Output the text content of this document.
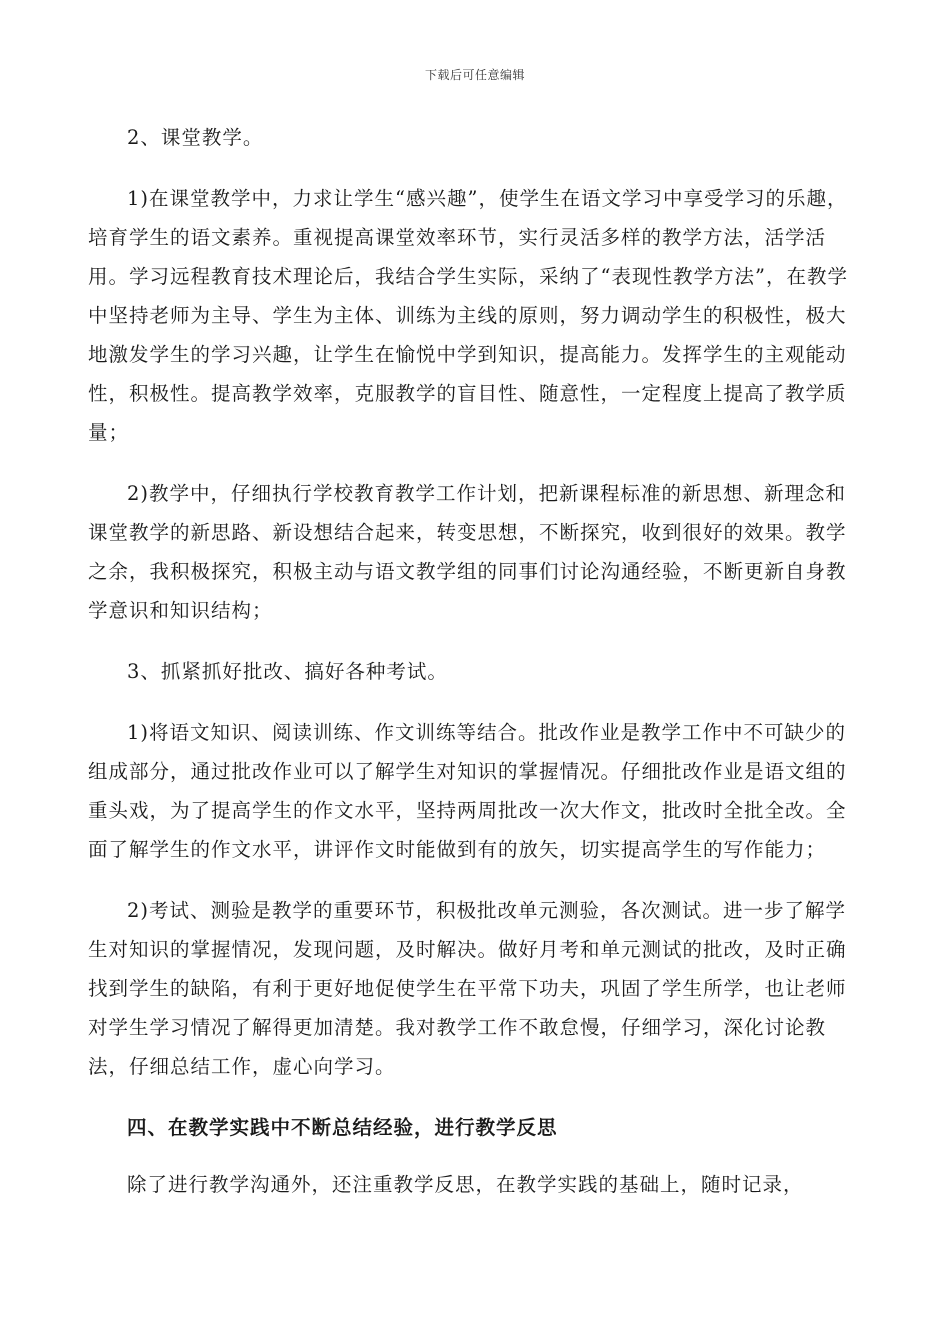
下载后可任意编辑

2、课堂教学。

1)在课堂教学中，力求让学生“感兴趣”，使学生在语文学习中享受学习的乐趣，培育学生的语文素养。重视提高课堂效率环节，实行灵活多样的教学方法，活学活用。学习远程教育技术理论后，我结合学生实际，采纳了“表现性教学方法”，在教学中坚持老师为主导、学生为主体、训练为主线的原则，努力调动学生的积极性，极大地激发学生的学习兴趣，让学生在愉悦中学到知识，提高能力。发挥学生的主观能动性，积极性。提高教学效率，克服教学的盲目性、随意性，一定程度上提高了教学质量；

2)教学中，仔细执行学校教育教学工作计划，把新课程标准的新思想、新理念和课堂教学的新思路、新设想结合起来，转变思想，不断探究，收到很好的效果。教学之余，我积极探究，积极主动与语文教学组的同事们讨论沟通经验，不断更新自身教学意识和知识结构；

3、抓紧抓好批改、搞好各种考试。

1)将语文知识、阅读训练、作文训练等结合。批改作业是教学工作中不可缺少的组成部分，通过批改作业可以了解学生对知识的掌握情况。仔细批改作业是语文组的重头戏，为了提高学生的作文水平，坚持两周批改一次大作文，批改时全批全改。全面了解学生的作文水平，讲评作文时能做到有的放矢，切实提高学生的写作能力；

2)考试、测验是教学的重要环节，积极批改单元测验，各次测试。进一步了解学生对知识的掌握情况，发现问题，及时解决。做好月考和单元测试的批改，及时正确找到学生的缺陷，有利于更好地促使学生在平常下功夫，巩固了学生所学，也让老师对学生学习情况了解得更加清楚。我对教学工作不敢怠慢，仔细学习，深化讨论教法，仔细总结工作，虚心向学习。

四、在教学实践中不断总结经验，进行教学反思

除了进行教学沟通外，还注重教学反思，在教学实践的基础上，随时记录，
